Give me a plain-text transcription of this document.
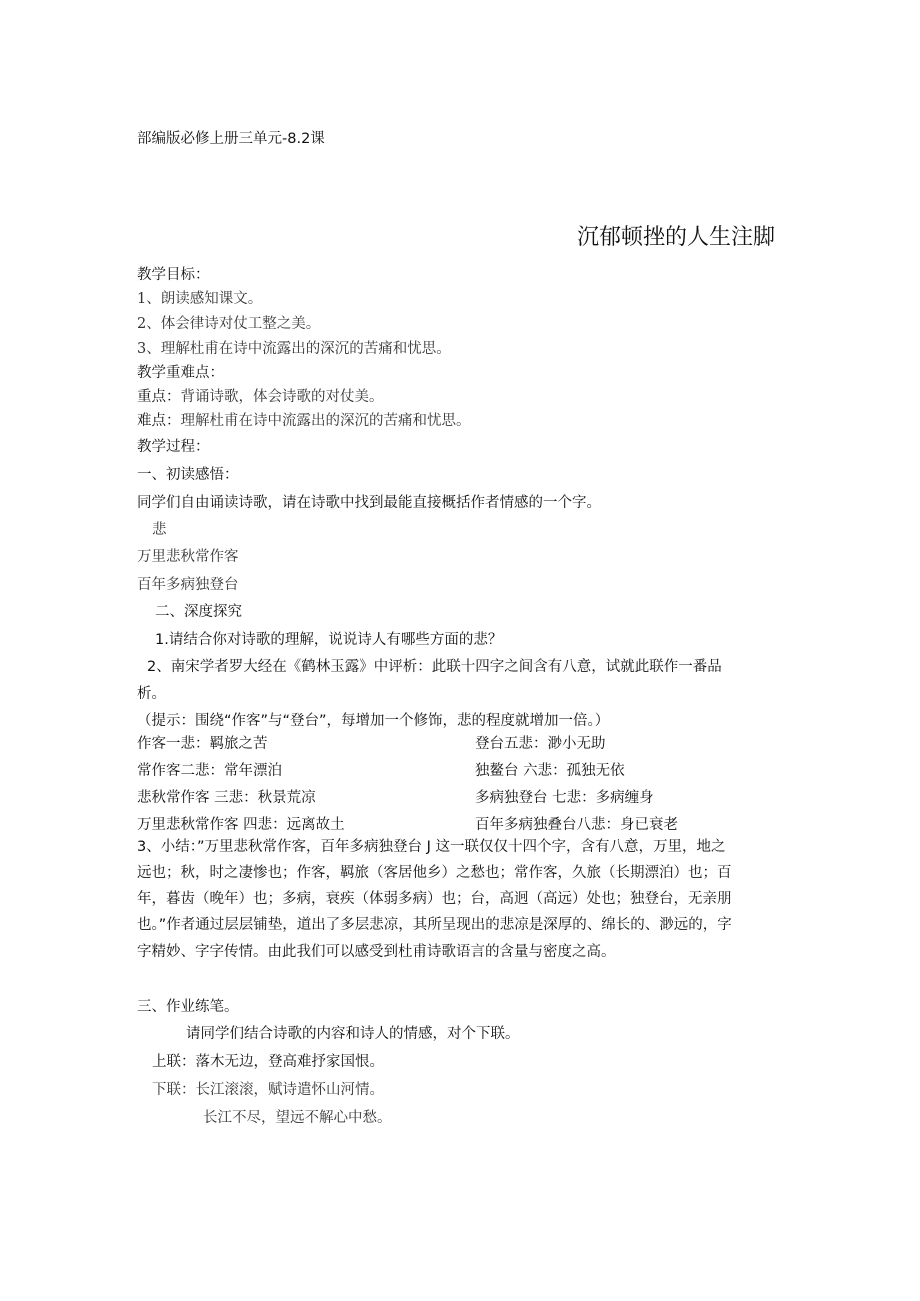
部编版必修上册三单元-8.2课
沉郁顿挫的人生注脚
教学目标：
1、朗读感知课文。
2、体会律诗对仗工整之美。
3、理解杜甫在诗中流露出的深沉的苦痛和忧思。
教学重难点：
重点：背诵诗歌，体会诗歌的对仗美。
难点：理解杜甫在诗中流露出的深沉的苦痛和忧思。
教学过程：
一、初读感悟：
同学们自由诵读诗歌，请在诗歌中找到最能直接概括作者情感的一个字。
悲
万里悲秋常作客
百年多病独登台
二、深度探究
1.请结合你对诗歌的理解，说说诗人有哪些方面的悲？
2、南宋学者罗大经在《鹤林玉露》中评析：此联十四字之间含有八意，试就此联作一番品
析。
（提示：围绕“作客”与“登台”，每增加一个修饰，悲的程度就增加一倍。）
作客一悲：羁旅之苦
常作客二悲：常年漂泊
悲秋常作客 三悲：秋景荒凉
万里悲秋常作客 四悲：远离故土
登台五悲：渺小无助
独鳌台 六悲：孤独无依
多病独登台 七悲：多病缠身
百年多病独叠台八悲：身已衰老
3、小结：”万里悲秋常作客，百年多病独登台 J 这一联仅仅十四个字，含有八意，万里，地之
远也；秋，时之凄惨也；作客，羁旅（客居他乡）之愁也；常作客，久旅（长期漂泊）也；百
年，暮齿（晚年）也；多病，衰疾（体弱多病）也；台，高迥（高远）处也；独登台，无亲朋
也。”作者通过层层铺垫，道出了多层悲凉，其所呈现出的悲凉是深厚的、绵长的、渺远的，字
字精妙、字字传情。由此我们可以感受到杜甫诗歌语言的含量与密度之高。
三、作业练笔。
请同学们结合诗歌的内容和诗人的情感，对个下联。
上联：落木无边，登高难抒家国恨。
下联：长江滚滚，赋诗遣怀山河情。
长江不尽，望远不解心中愁。
